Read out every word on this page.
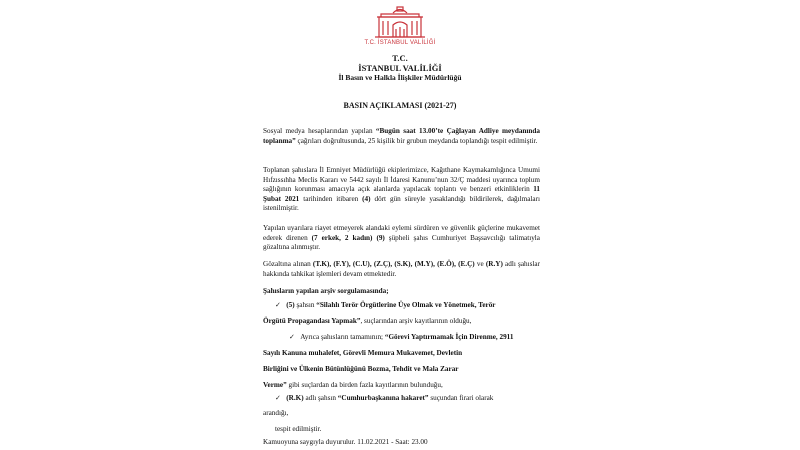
T.C. İSTANBUL VALİLİĞİ
T.C.
İSTANBUL VALİLİĞİ
İl Basın ve Halkla İlişkiler Müdürlüğü
BASIN AÇIKLAMASI (2021-27)

Sosyal medya hesaplarından yapılan “Bugün saat 13.00’te Çağlayan Adliye meydanında toplanma” çağrıları doğrultusunda, 25 kişilik bir grubun meydanda toplandığı tespit edilmiştir.

Toplanan şahıslara İl Emniyet Müdürlüğü ekiplerimizce, Kağıthane Kaymakamlığınca Umumi Hıfzıssıhha Meclis Kararı ve 5442 sayılı İl İdaresi Kanunu’nun 32/Ç maddesi uyarınca toplum sağlığının korunması amacıyla açık alanlarda yapılacak toplantı ve benzeri etkinliklerin 11 Şubat 2021 tarihinden itibaren (4) dört gün süreyle yasaklandığı bildirilerek, dağılmaları istenilmiştir.

Yapılan uyarılara riayet etmeyerek alandaki eylemi sürdüren ve güvenlik güçlerine mukavemet ederek direnen (7 erkek, 2 kadın) (9) şüpheli şahıs Cumhuriyet Başsavcılığı talimatıyla gözaltına alınmıştır.

Gözaltına alınan (T.K), (F.Y), (C.U), (Z.Ç), (S.K), (M.Y), (E.Ö), (E.Ç) ve (R.Y) adlı şahıslar hakkında tahkikat işlemleri devam etmektedir.

Şahısların yapılan arşiv sorgulamasında;
✓ (5) şahsın “Silahlı Terör Örgütlerine Üye Olmak ve Yönetmek, Terör
Örgütü Propagandası Yapmak”, suçlarından arşiv kayıtlarının olduğu,
✓ Ayrıca şahısların tamamının; “Görevi Yaptırmamak İçin Direnme, 2911
Sayılı Kanuna muhalefet, Görevli Memura Mukavemet, Devletin
Birliğini ve Ülkenin Bütünlüğünü Bozma, Tehdit ve Mala Zarar
Verme” gibi suçlardan da birden fazla kayıtlarının bulunduğu,
✓ (R.K) adlı şahsın “Cumhurbaşkanına hakaret” suçundan firari olarak
arandığı,
tespit edilmiştir.
Kamuoyuna saygıyla duyurulur. 11.02.2021 - Saat: 23.00
